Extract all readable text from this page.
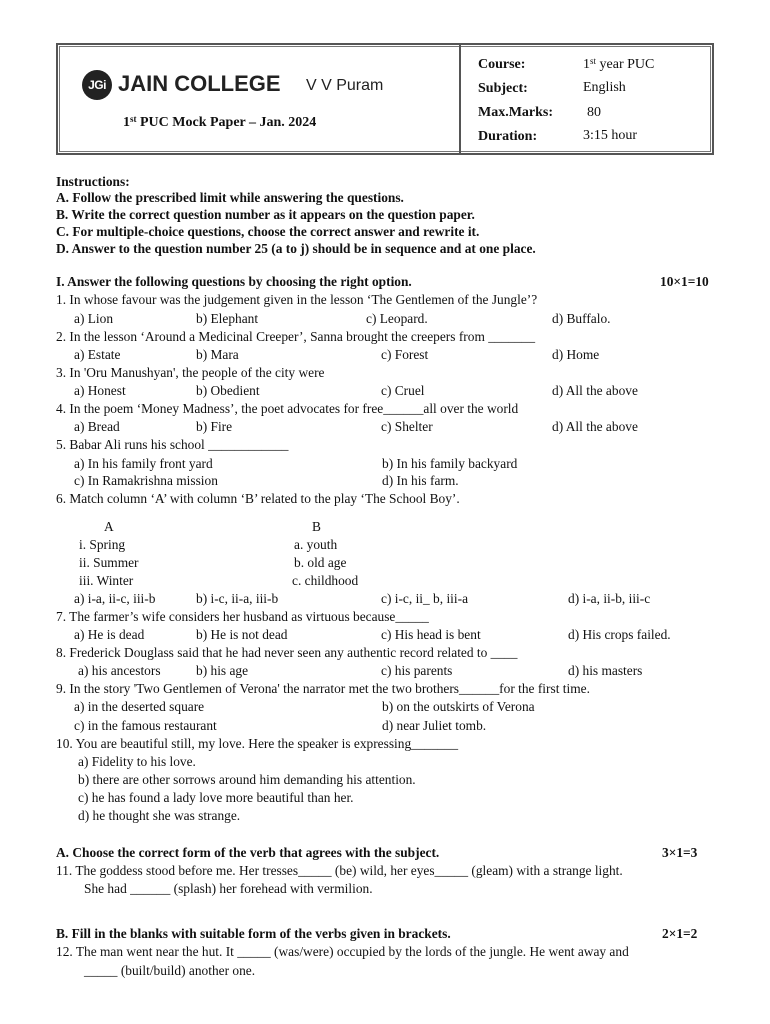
JGi JAIN COLLEGE V V Puram
1st PUC Mock Paper – Jan. 2024
Course:	1st year PUC
Subject:	English
Max.Marks: 80
Duration:	3:15 hour
Instructions:
A. Follow the prescribed limit while answering the questions.
B. Write the correct question number as it appears on the question paper.
C. For multiple-choice questions, choose the correct answer and rewrite it.
D. Answer to the question number 25 (a to j) should be in sequence and at one place.
I. Answer the following questions by choosing the right option.	10×1=10
1. In whose favour was the judgement given in the lesson ‘The Gentlemen of the Jungle’?
a) Lion	b) Elephant	c) Leopard.	d) Buffalo.
2. In the lesson ‘Around a Medicinal Creeper’, Sanna brought the creepers from _______
a) Estate	b) Mara	c) Forest	d) Home
3. In 'Oru Manushyan', the people of the city were
a) Honest	b) Obedient	c) Cruel	d) All the above
4. In the poem ‘Money Madness’, the poet advocates for free______all over the world
a) Bread	b) Fire	c) Shelter	d) All the above
5. Babar Ali runs his school ____________
a) In his family front yard	b) In his family backyard
c) In Ramakrishna mission	d) In his farm.
6. Match column ‘A’ with column ‘B’ related to the play ‘The School Boy’.
A	B
i. Spring	a. youth
ii. Summer	b. old age
iii. Winter	c. childhood
a) i-a, ii-c, iii-b	b) i-c, ii-a, iii-b	c) i-c, ii_ b, iii-a	d) i-a, ii-b, iii-c
7. The farmer’s wife considers her husband as virtuous because_____
a) He is dead	b) He is not dead	c) His head is bent	d) His crops failed.
8. Frederick Douglass said that he had never seen any authentic record related to ____
a) his ancestors	b) his age	c) his parents	d) his masters
9. In the story 'Two Gentlemen of Verona' the narrator met the two brothers______for the first time.
a) in the deserted square	b) on the outskirts of Verona
c) in the famous restaurant	d) near Juliet tomb.
10. You are beautiful still, my love. Here the speaker is expressing_______
a) Fidelity to his love.
b) there are other sorrows around him demanding his attention.
c) he has found a lady love more beautiful than her.
d) he thought she was strange.
A. Choose the correct form of the verb that agrees with the subject.	3×1=3
11. The goddess stood before me. Her tresses_____ (be) wild, her eyes_____ (gleam) with a strange light.
She had ______ (splash) her forehead with vermilion.
B. Fill in the blanks with suitable form of the verbs given in brackets.	2×1=2
12. The man went near the hut. It _____ (was/were) occupied by the lords of the jungle. He went away and
_____ (built/build) another one.
